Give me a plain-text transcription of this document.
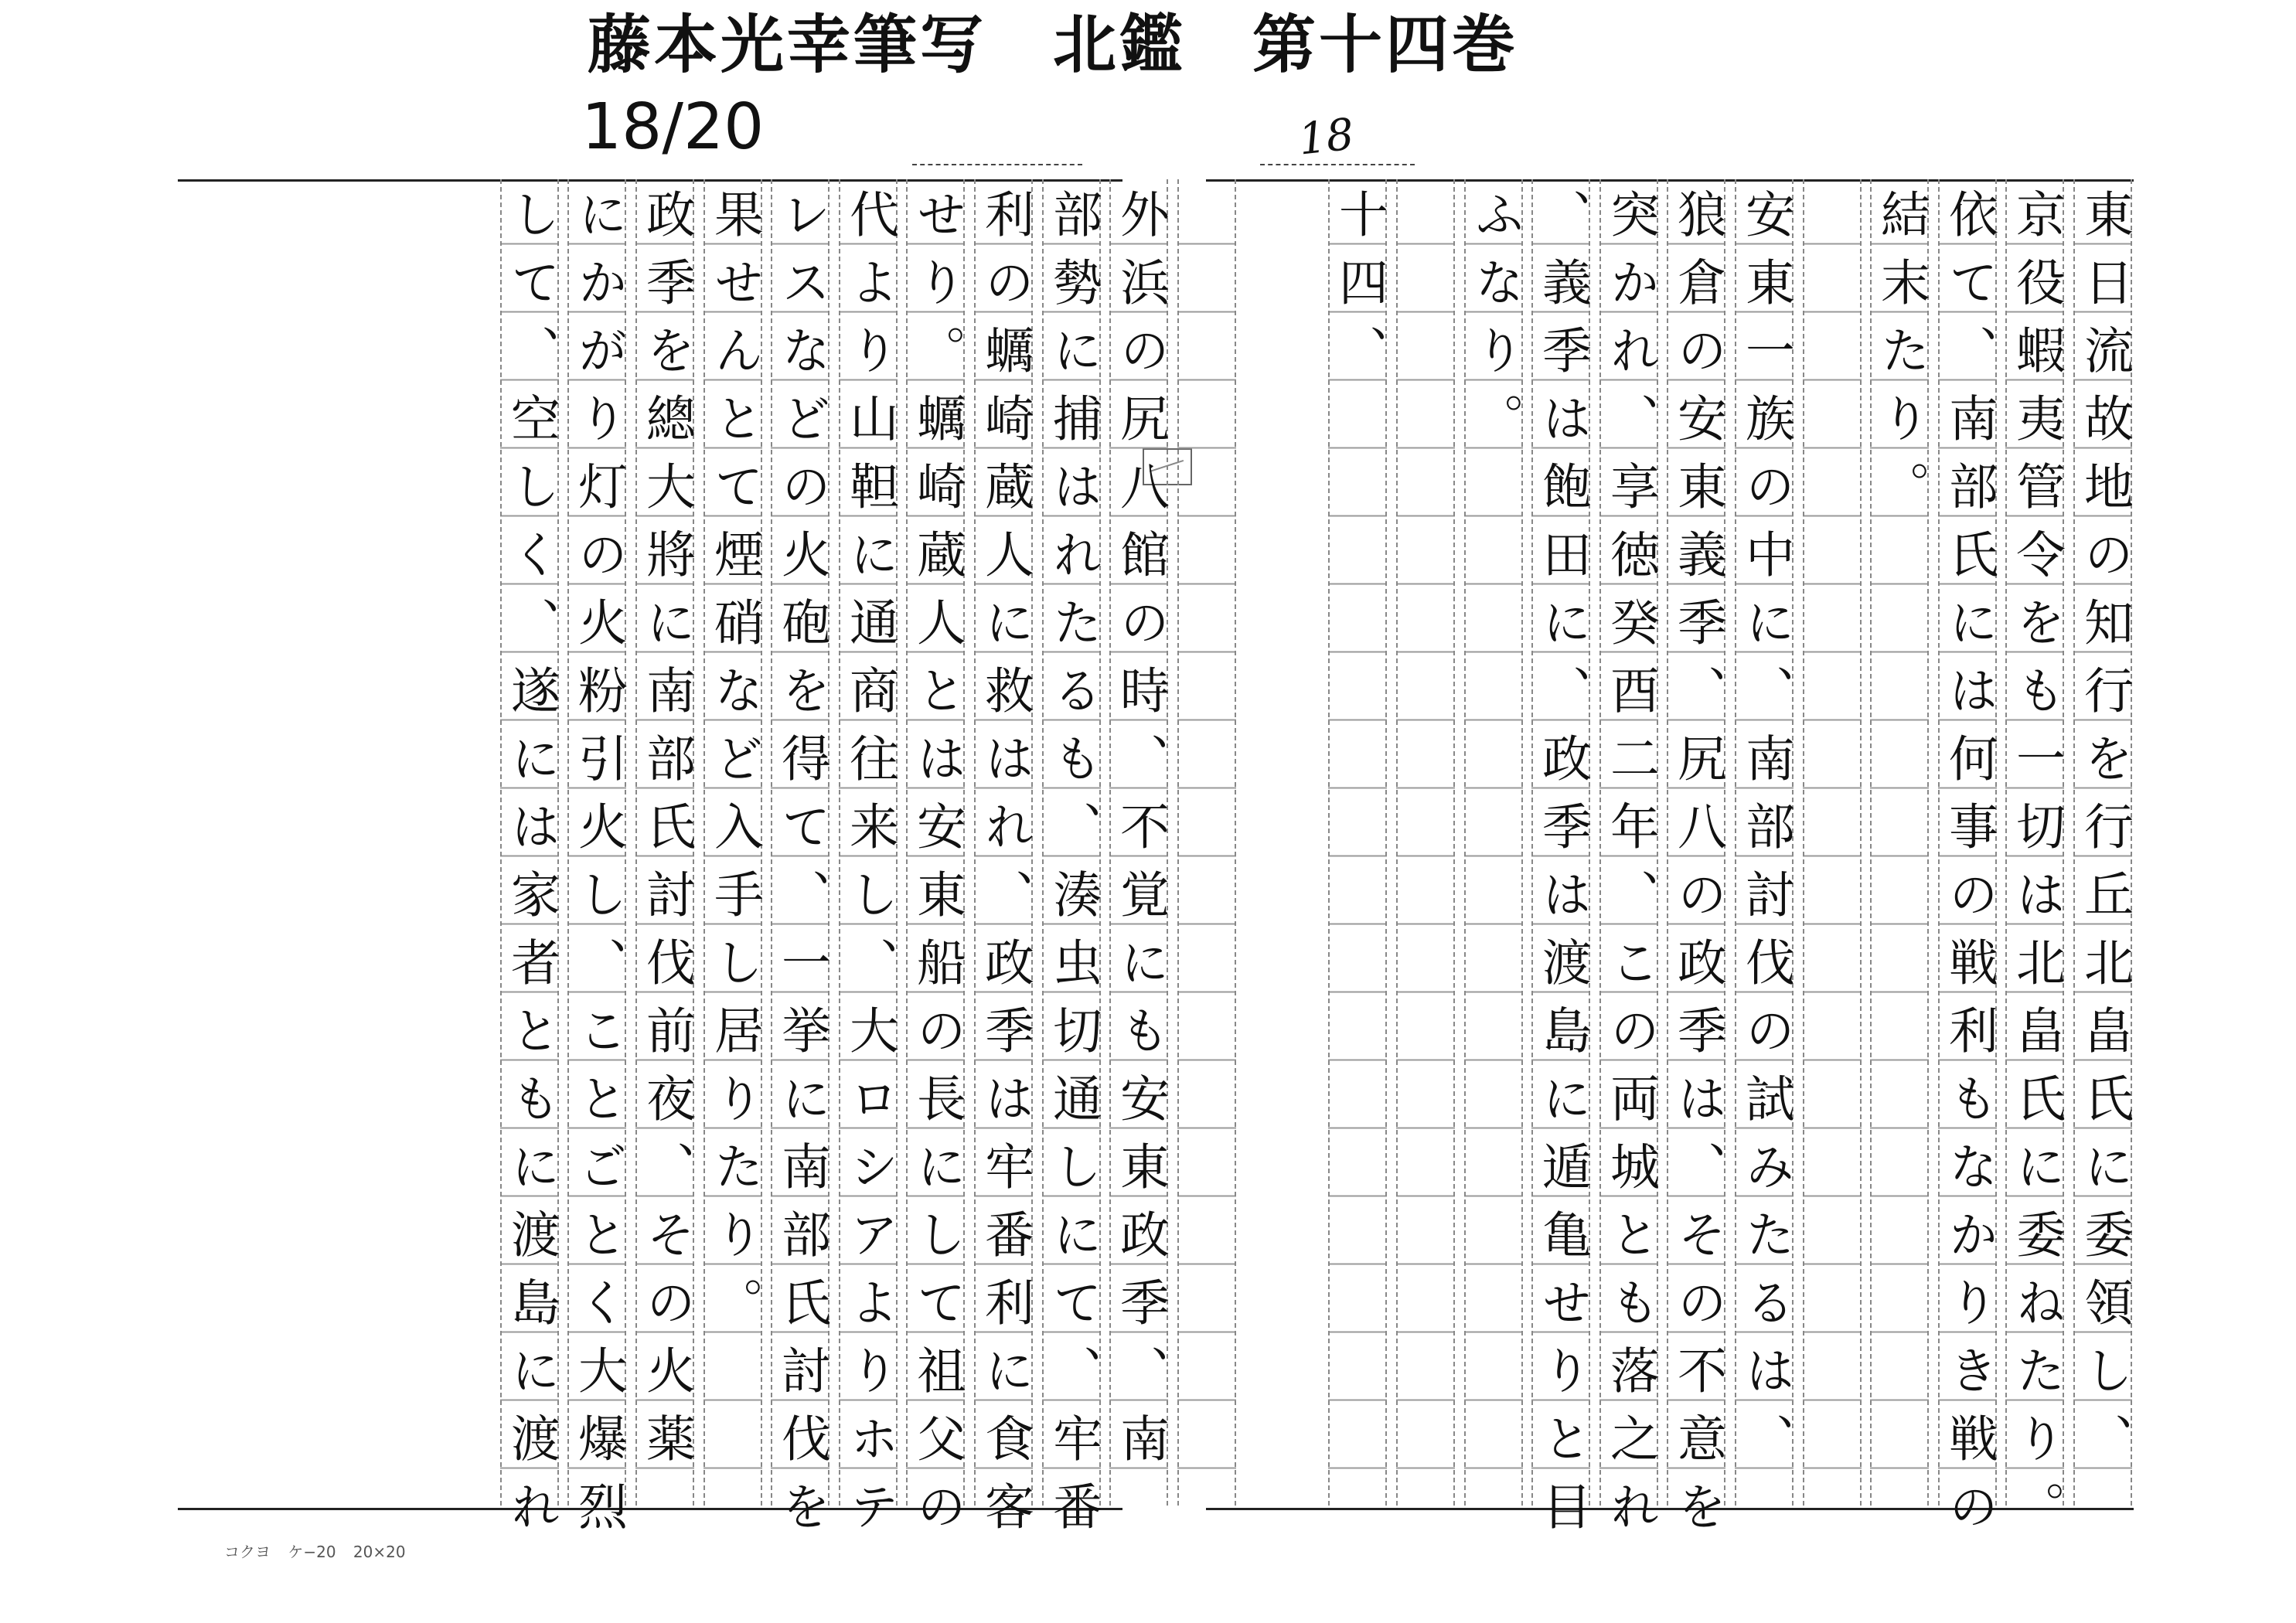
藤本光幸筆写　北鑑　第十四巻
18/20	18
東日流故地の知行を行丘北畠氏に委領し、
京役蝦夷管令をも一切は北畠氏に委ねたり。
依て、南部氏には何事の戦利もなかりき戦の
結末たり。
安東一族の中に、南部討伐の試みたるは、
狼倉の安東義季、尻八の政季は、その不意を
突かれ、享徳癸酉二年、この両城とも落之れ
、義季は飽田に、政季は渡島に遁亀せりと目
ふなり。
十四、
外浜の尻八館の時、不覚にも安東政季、南
部勢に捕はれたるも、湊虫切通しにて、牢番
利の蠣崎蔵人に救はれ、政季は牢番利に食客
せり。蠣崎蔵人とは安東船の長にして祖父の
代より山靼に通商往来し、大ロシアよりホテ
レスなどの火砲を得て、一挙に南部氏討伐を
果せんとて煙硝など入手し居りたり。
政季を總大將に南部氏討伐前夜、その火薬
にかがり灯の火粉引火し、ことごとく大爆烈
して、空しく、遂には家者ともに渡島に渡れ
コクヨ ケ−20 20×20
